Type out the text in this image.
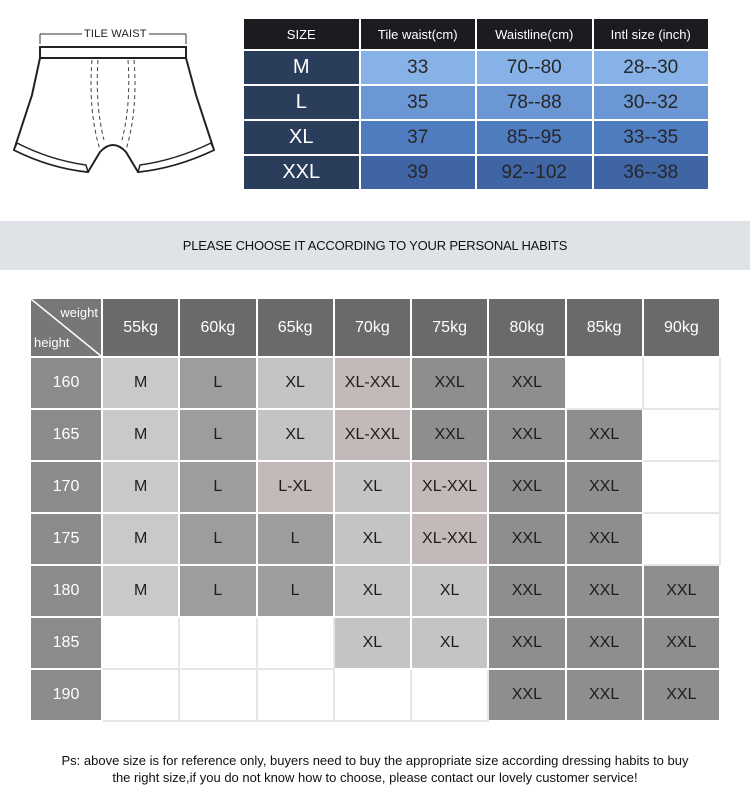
TILE WAIST	SIZE	Tile waist(cm)	Waistline(cm)	Intl size (inch)
M	33	70--80	28--30
L	35	78--88	30--32
XL	37	85--95	33--35
XXL	39	92--102	36--38
PLEASE CHOOSE IT ACCORDING TO YOUR PERSONAL HABITS
weight
height	55kg	60kg	65kg	70kg	75kg	80kg	85kg	90kg
160	M	L	XL	XL-XXL	XXL	XXL		
165	M	L	XL	XL-XXL	XXL	XXL	XXL	
170	M	L	L-XL	XL	XL-XXL	XXL	XXL	
175	M	L	L	XL	XL-XXL	XXL	XXL	
180	M	L	L	XL	XL	XXL	XXL	XXL
185				XL	XL	XXL	XXL	XXL
190						XXL	XXL	XXL
Ps: above size is for reference only, buyers need to buy the appropriate size according dressing habits to buy
the right size,if you do not know how to choose, please contact our lovely customer service!
